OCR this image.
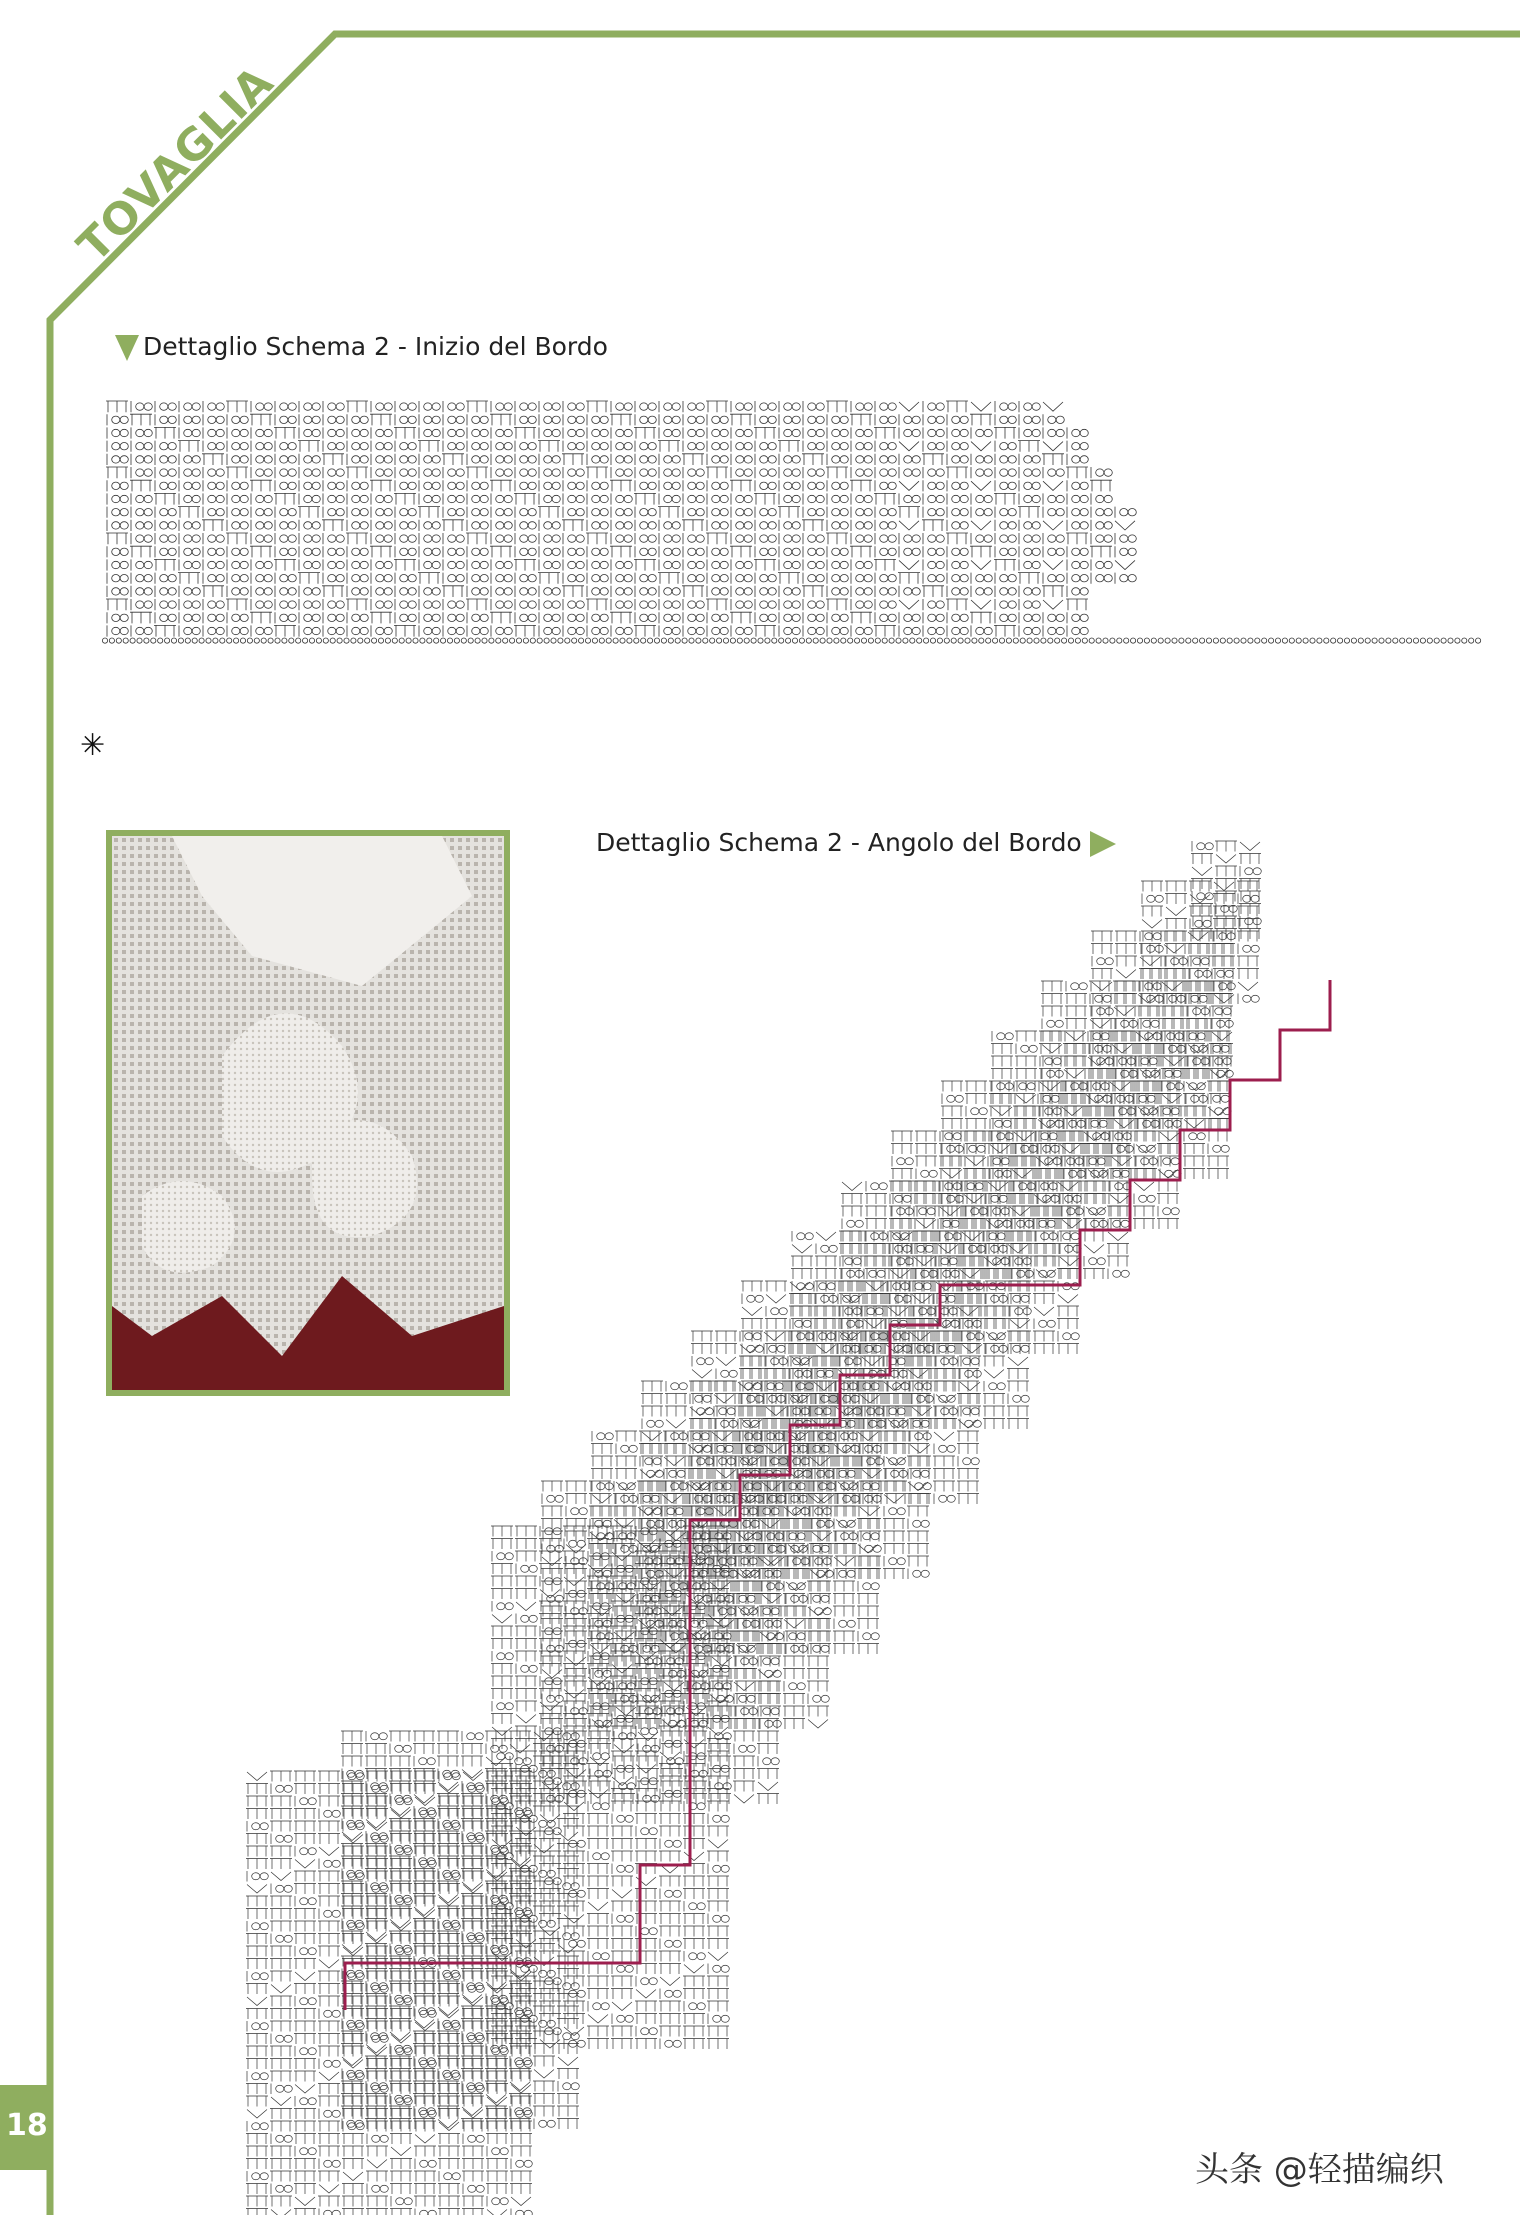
TOVAGLIA
Dettaglio Schema 2 - Inizio del Bordo
✳
Dettaglio Schema 2 - Angolo del Bordo
18
头条 @轻描编织
